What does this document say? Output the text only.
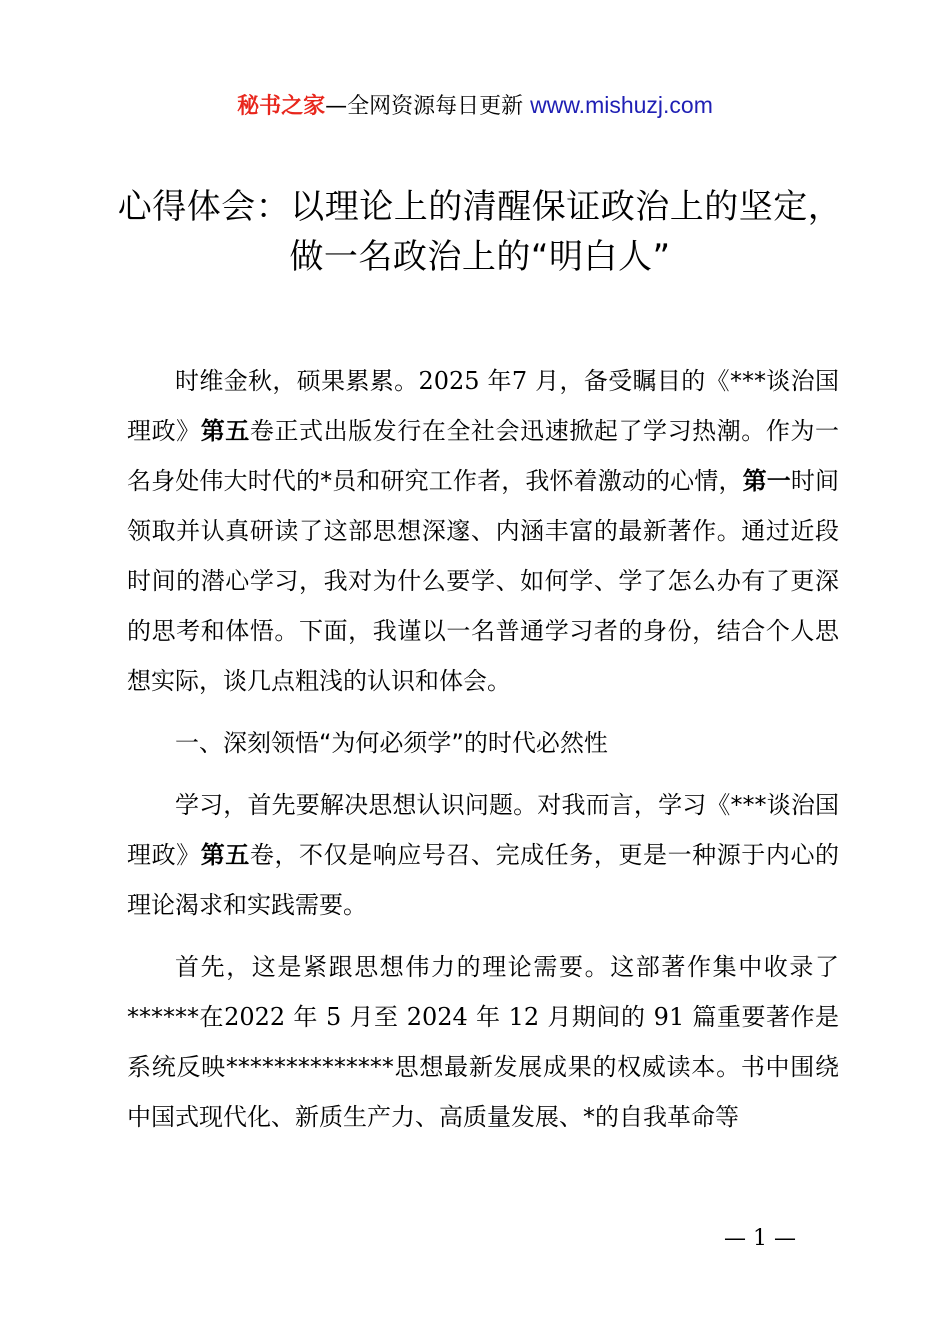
秘书之家—全网资源每日更新 www.mishuzj.com
心得体会：以理论上的清醒保证政治上的坚定，
做一名政治上的“明白人”

时维金秋，硕果累累。2025 年7 月，备受瞩目的《***谈治国理政》第五卷正式出版发行在全社会迅速掀起了学习热潮。作为一名身处伟大时代的*员和研究工作者，我怀着激动的心情，第一时间领取并认真研读了这部思想深邃、内涵丰富的最新著作。通过近段时间的潜心学习，我对为什么要学、如何学、学了怎么办有了更深的思考和体悟。下面，我谨以一名普通学习者的身份，结合个人思想实际，谈几点粗浅的认识和体会。

一、深刻领悟“为何必须学”的时代必然性

学习，首先要解决思想认识问题。对我而言，学习《***谈治国理政》第五卷，不仅是响应号召、完成任务，更是一种源于内心的理论渴求和实践需要。

首先，这是紧跟思想伟力的理论需要。这部著作集中收录了******在2022 年 5 月至 2024 年 12 月期间的 91 篇重要著作是系统反映**************思想最新发展成果的权威读本。书中围绕中国式现代化、新质生产力、高质量发展、*的自我革命等

— 1 —
